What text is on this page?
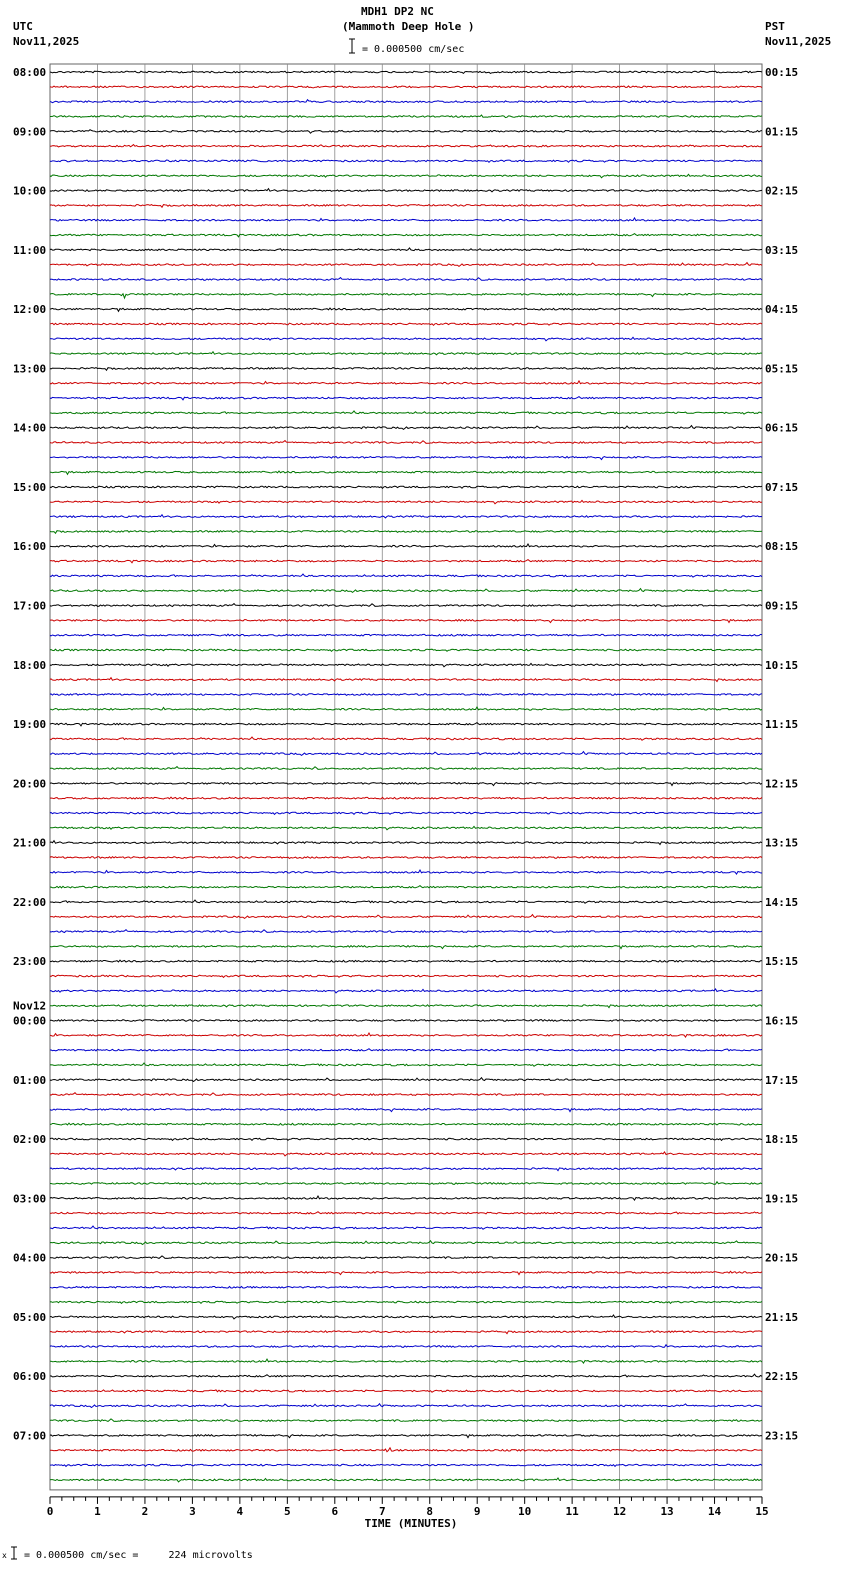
MDH1 DP2 NC
(Mammoth Deep Hole )
UTC
Nov11,2025
PST
Nov11,2025
= 0.000500 cm/sec
= 0.000500 cm/sec =     224 microvolts
x
08:00
09:00
10:00
11:00
12:00
13:00
14:00
15:00
16:00
17:00
18:00
19:00
20:00
21:00
22:00
23:00
00:00
Nov12
01:00
02:00
03:00
04:00
05:00
06:00
07:00
00:15
01:15
02:15
03:15
04:15
05:15
06:15
07:15
08:15
09:15
10:15
11:15
12:15
13:15
14:15
15:15
16:15
17:15
18:15
19:15
20:15
21:15
22:15
23:15
0	1	2	3	4	5	6	7	8	9	10	11	12	13	14	15
TIME (MINUTES)
